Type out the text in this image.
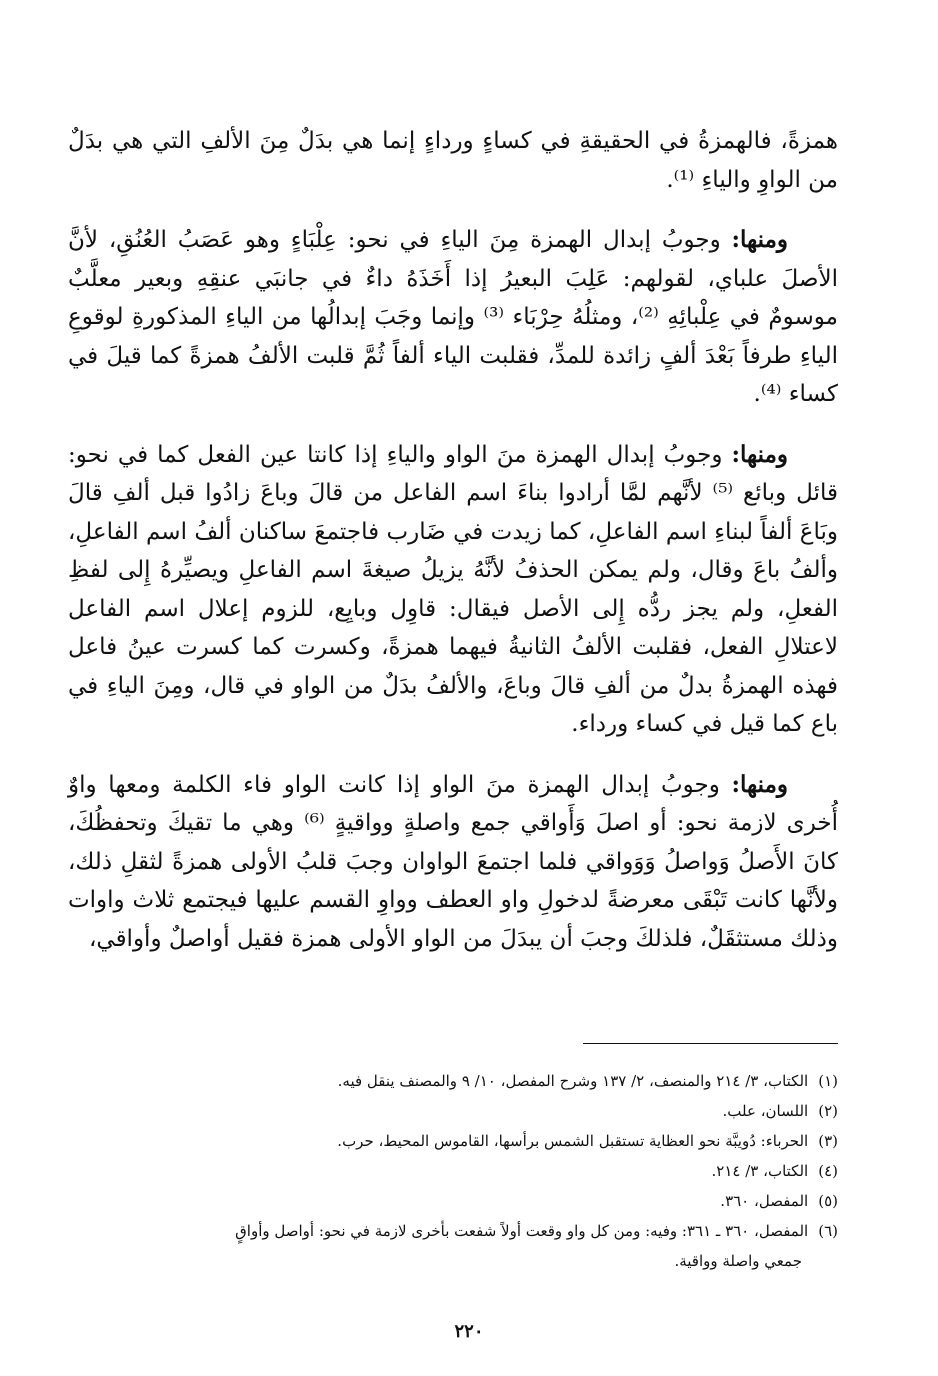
همزةً، فالهمزةُ في الحقيقةِ في كساءٍ ورداءٍ إنما هي بدَلٌ مِنَ الألفِ التي هي بدَلٌ من الواوِ والياءِ ⁽¹⁾.

ومنها: وجوبُ إبدال الهمزة مِنَ الياءِ في نحو: عِلْبَاءٍ وهو عَصَبُ العُنُقِ، لأنَّ الأصلَ علباي، لقولهم: عَلِبَ البعيرُ إذا أَخَذَهُ داءٌ في جانبَي عنقِهِ وبعير معلَّبٌ موسومٌ في عِلْبائِهِ ⁽²⁾، ومثلُهُ حِرْبَاء ⁽³⁾ وإنما وجَبَ إبدالُها من الياءِ المذكورةِ لوقوعِ الياءِ طرفاً بَعْدَ ألفٍ زائدة للمدِّ، فقلبت الياء ألفاً ثُمَّ قلبت الألفُ همزةً كما قيلَ في كساء ⁽⁴⁾.

ومنها: وجوبُ إبدال الهمزة منَ الواو والياءِ إذا كانتا عين الفعل كما في نحو: قائل وبائع ⁽⁵⁾ لأنَّهم لمَّا أرادوا بناءَ اسم الفاعل من قالَ وباعَ زادُوا قبل ألفِ قالَ وبَاعَ ألفاً لبناءِ اسم الفاعلِ، كما زيدت في ضَارب فاجتمعَ ساكنان ألفُ اسم الفاعلِ، وألفُ باعَ وقال، ولم يمكن الحذفُ لأنَّهُ يزيلُ صيغةَ اسم الفاعلِ ويصيِّرهُ إِلى لفظِ الفعلِ، ولم يجز ردُّه إِلى الأصل فيقال: قاوِل وبايِع، للزوم إعلال اسم الفاعل لاعتلالِ الفعل، فقلبت الألفُ الثانيةُ فيهما همزةً، وكسرت كما كسرت عينُ فاعل فهذه الهمزةُ بدلٌ من ألفِ قالَ وباعَ، والألفُ بدَلٌ من الواو في قال، ومِنَ الياءِ في باع كما قيل في كساء ورداء.

ومنها: وجوبُ إبدال الهمزة منَ الواو إذا كانت الواو فاء الكلمة ومعها واوٌ أُخرى لازمة نحو: أو اصلَ وَأَواقي جمع واصلةٍ وواقيةٍ ⁽⁶⁾ وهي ما تقيكَ وتحفظُكَ، كانَ الأَصلُ وَواصلُ وَوَواقي فلما اجتمعَ الواوان وجبَ قلبُ الأولى همزةً لثقلِ ذلك، ولأنَّها كانت تَبْقَى معرضةً لدخولِ واو العطف وواوِ القسم عليها فيجتمع ثلاث واوات وذلك مستثقَلٌ، فلذلكَ وجبَ أن يبدَلَ من الواو الأولى همزة فقيل أواصلٌ وأواقي،

(١)الكتاب، ٣/ ٢١٤ والمنصف، ٢/ ١٣٧ وشرح المفصل، ١٠/ ٩ والمصنف ينقل فيه.
(٢)اللسان، علب.
(٣)الحرباء: دُويبَّة نحو العظاية تستقبل الشمس برأسها، القاموس المحيط، حرب.
(٤)الكتاب، ٣/ ٢١٤.
(٥)المفصل، ٣٦٠.
(٦)المفصل، ٣٦٠ ـ ٣٦١: وفيه: ومن كل واو وقعت أولاً شفعت بأخرى لازمة في نحو: أواصل وأواقٍ
جمعي واصلة وواقية.
٢٢٠
